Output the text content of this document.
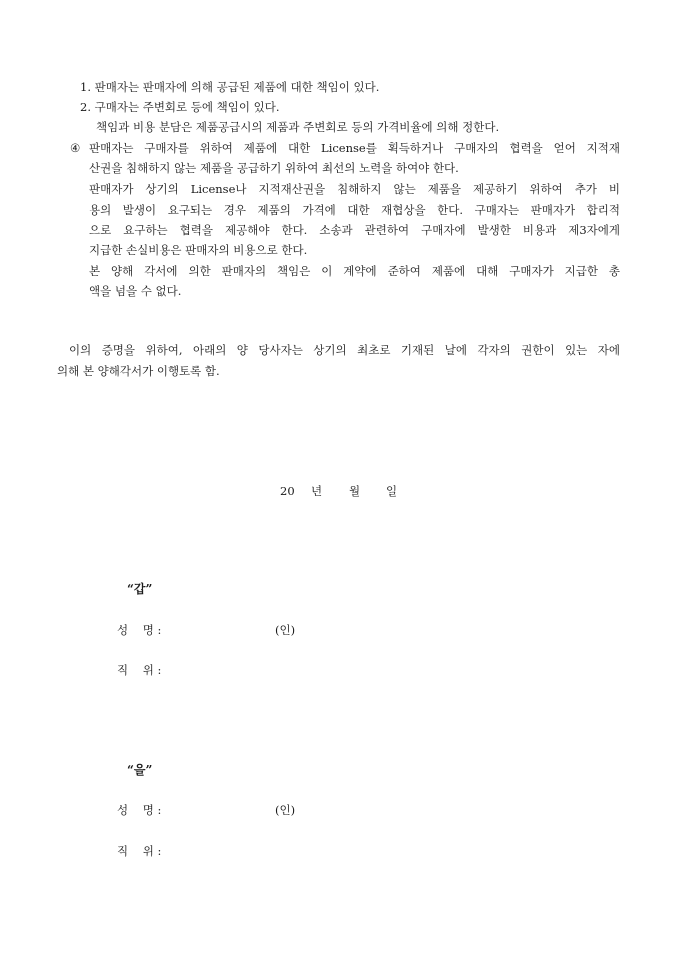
1. 판매자는 판매자에 의해 공급된 제품에 대한 책임이 있다.
2. 구매자는 주변회로 등에 책임이 있다.
책임과 비용 분담은 제품공급시의 제품과 주변회로 등의 가격비율에 의해 정한다.
④ 판매자는 구매자를 위하여 제품에 대한 License를 획득하거나 구매자의 협력을 얻어 지적재
산권을 침해하지 않는 제품을 공급하기 위하여 최선의 노력을 하여야 한다.
판매자가 상기의 License나 지적재산권을 침해하지 않는 제품을 제공하기 위하여 추가 비
용의 발생이 요구되는 경우 제품의 가격에 대한 재협상을 한다. 구매자는 판매자가 합리적
으로 요구하는 협력을 제공해야 한다. 소송과 관련하여 구매자에 발생한 비용과 제3자에게
지급한 손실비용은 판매자의 비용으로 한다.
본 양해 각서에 의한 판매자의 책임은 이 계약에 준하여 제품에 대해 구매자가 지급한 총
액을 넘을 수 없다.
이의 증명을 위하여, 아래의 양 당사자는 상기의 최초로 기재된 날에 각자의 권한이 있는 자에
의해 본 양해각서가 이행토록 함.
20 년 월 일
“갑”
성    명 :	(인)
직    위 :
“을”
성    명 :	(인)
직    위 :
